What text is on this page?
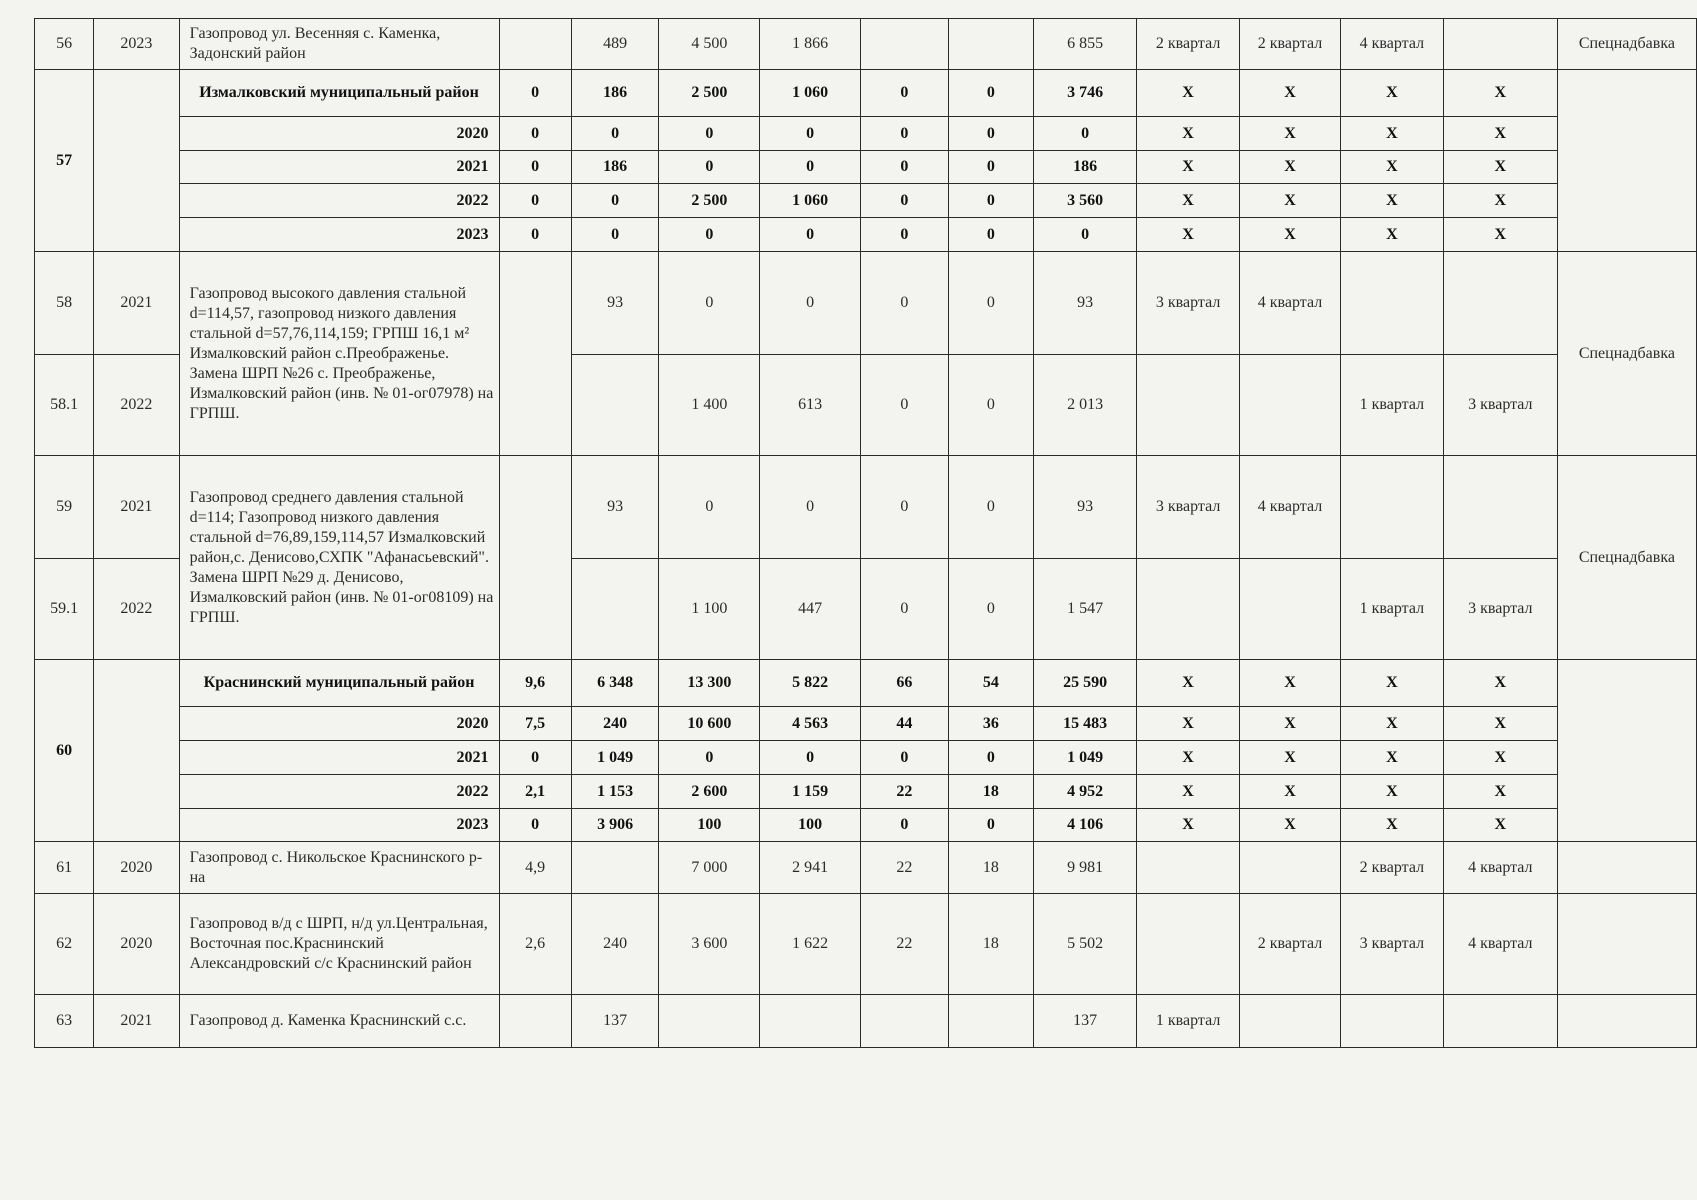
56	2023	Газопровод ул. Весенняя с. Каменка, Задонский район		489	4 500	1 866			6 855	2 квартал	2 квартал	4 квартал		Спецнадбавка
57		Измалковский муниципальный район	0	186	2 500	1 060	0	0	3 746	X	X	X	X	
		2020	0	0	0	0	0	0	0	X	X	X	X	
		2021	0	186	0	0	0	0	186	X	X	X	X	
		2022	0	0	2 500	1 060	0	0	3 560	X	X	X	X	
		2023	0	0	0	0	0	0	0	X	X	X	X	
58	2021	Газопровод высокого давления стальной d=114,57, газопровод низкого давления стальной d=57,76,114,159; ГРПШ 16,1 м² Измалковский район с.Преображенье. Замена ШРП №26 с. Преображенье, Измалковский район (инв. № 01-ог07978) на ГРПШ.		93	0	0	0	0	93	3 квартал	4 квартал			Спецнадбавка
58.1	2022				1 400	613	0	0	2 013			1 квартал	3 квартал	
59	2021	Газопровод среднего давления стальной d=114; Газопровод низкого давления стальной d=76,89,159,114,57 Измалковский район,с. Денисово,СХПК "Афанасьевский". Замена ШРП №29 д. Денисово, Измалковский район (инв. № 01-ог08109) на ГРПШ.		93	0	0	0	0	93	3 квартал	4 квартал			Спецнадбавка
59.1	2022				1 100	447	0	0	1 547			1 квартал	3 квартал	
60		Краснинский муниципальный район	9,6	6 348	13 300	5 822	66	54	25 590	X	X	X	X	
		2020	7,5	240	10 600	4 563	44	36	15 483	X	X	X	X	
		2021	0	1 049	0	0	0	0	1 049	X	X	X	X	
		2022	2,1	1 153	2 600	1 159	22	18	4 952	X	X	X	X	
		2023	0	3 906	100	100	0	0	4 106	X	X	X	X	
61	2020	Газопровод с. Никольское Краснинского р-на	4,9		7 000	2 941	22	18	9 981			2 квартал	4 квартал	
62	2020	Газопровод в/д с ШРП, н/д ул.Центральная, Восточная пос.Краснинский Александровский с/с Краснинский район	2,6	240	3 600	1 622	22	18	5 502		2 квартал	3 квартал	4 квартал	
63	2021	Газопровод д. Каменка Краснинский с.с.		137					137	1 квартал				
